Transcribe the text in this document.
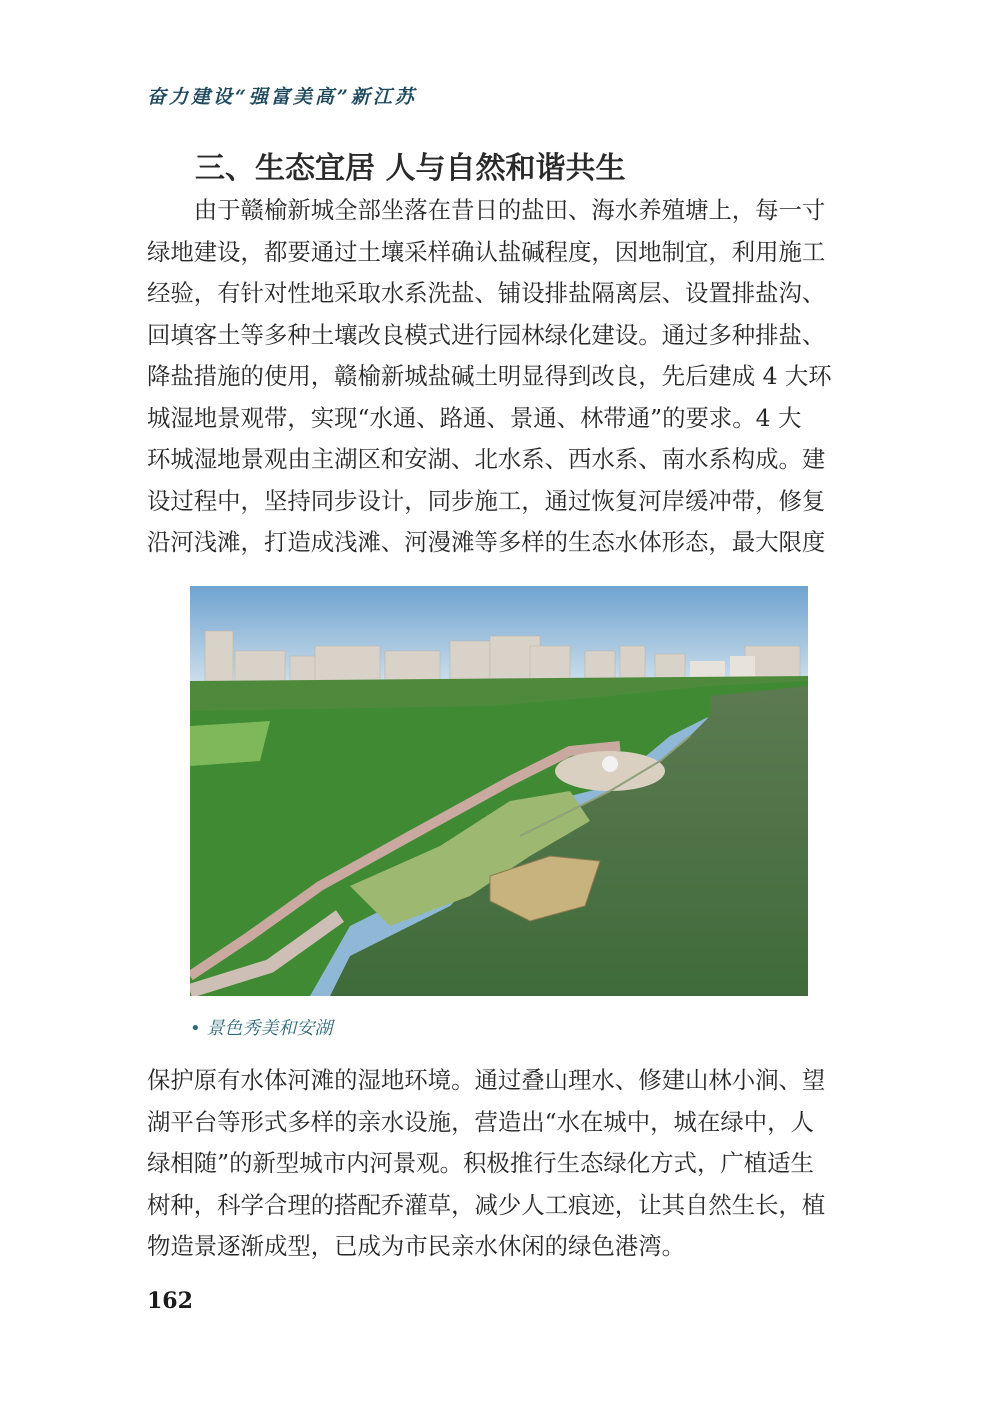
奋力建设“强富美高”新江苏
三、生态宜居 人与自然和谐共生
　　由于赣榆新城全部坐落在昔日的盐田、海水养殖塘上，每一寸
绿地建设，都要通过土壤采样确认盐碱程度，因地制宜，利用施工
经验，有针对性地采取水系洗盐、铺设排盐隔离层、设置排盐沟、
回填客土等多种土壤改良模式进行园林绿化建设。通过多种排盐、
降盐措施的使用，赣榆新城盐碱土明显得到改良，先后建成 4 大环
城湿地景观带，实现“水通、路通、景通、林带通”的要求。4 大
环城湿地景观由主湖区和安湖、北水系、西水系、南水系构成。建
设过程中，坚持同步设计，同步施工，通过恢复河岸缓冲带，修复
沿河浅滩，打造成浅滩、河漫滩等多样的生态水体形态，最大限度
• 景色秀美和安湖
保护原有水体河滩的湿地环境。通过叠山理水、修建山林小涧、望
湖平台等形式多样的亲水设施，营造出“水在城中，城在绿中，人
绿相随”的新型城市内河景观。积极推行生态绿化方式，广植适生
树种，科学合理的搭配乔灌草，减少人工痕迹，让其自然生长，植
物造景逐渐成型，已成为市民亲水休闲的绿色港湾。
162
